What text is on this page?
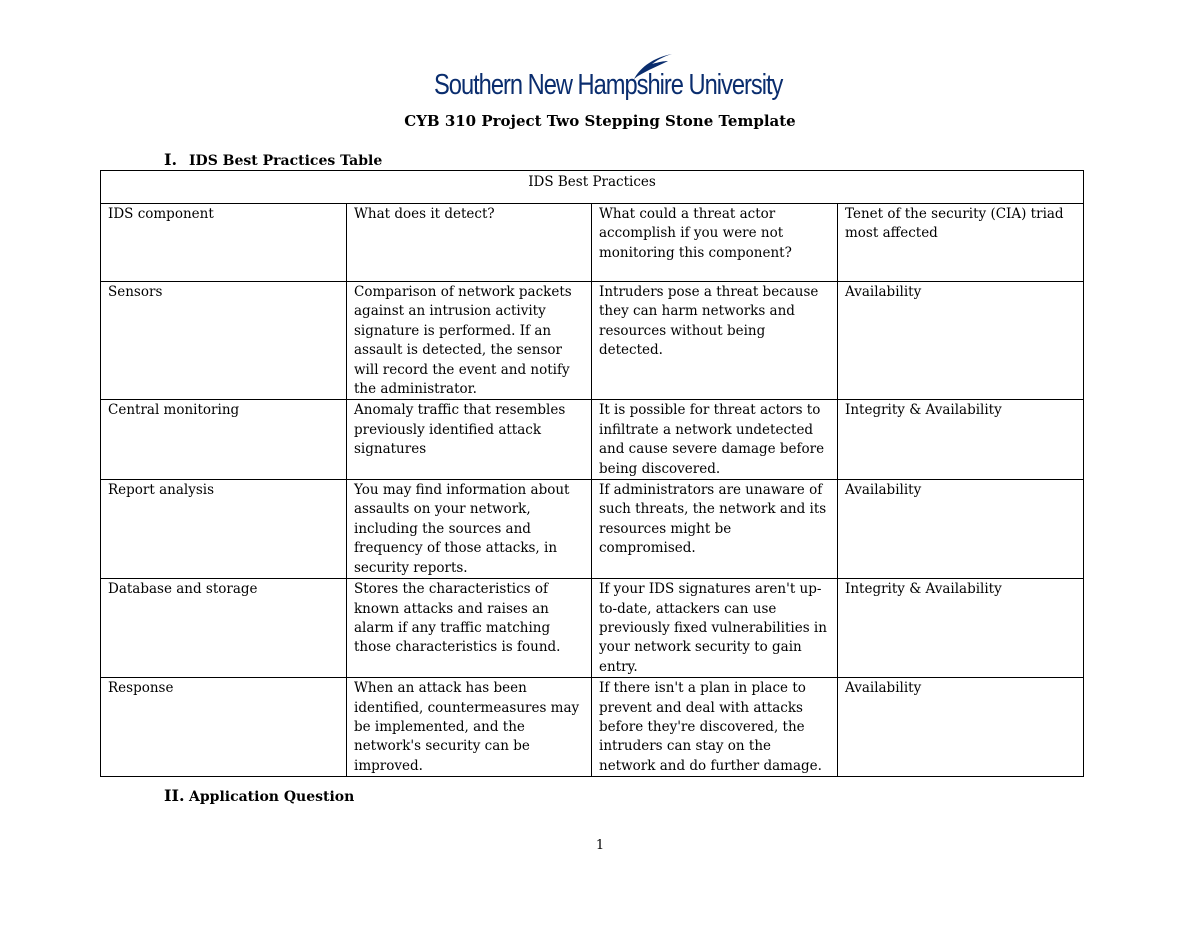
Southern New Hampshire University
CYB 310 Project Two Stepping Stone Template
I. IDS Best Practices Table
IDS Best Practices			
IDS component	What does it detect?	What could a threat actor accomplish if you were not monitoring this component?	Tenet of the security (CIA) triad most affected
Sensors	Comparison of network packets against an intrusion activity signature is performed. If an assault is detected, the sensor will record the event and notify the administrator.	Intruders pose a threat because they can harm networks and resources without being detected.	Availability
Central monitoring	Anomaly traffic that resembles previously identified attack signatures	It is possible for threat actors to infiltrate a network undetected and cause severe damage before being discovered.	Integrity & Availability
Report analysis	You may find information about assaults on your network, including the sources and frequency of those attacks, in security reports.	If administrators are unaware of such threats, the network and its resources might be compromised.	Availability
Database and storage	Stores the characteristics of known attacks and raises an alarm if any traffic matching those characteristics is found.	If your IDS signatures aren't up-to-date, attackers can use previously fixed vulnerabilities in your network security to gain entry.	Integrity & Availability
Response	When an attack has been identified, countermeasures may be implemented, and the network's security can be improved.	If there isn't a plan in place to prevent and deal with attacks before they're discovered, the intruders can stay on the network and do further damage.	Availability
II. Application Question
1
